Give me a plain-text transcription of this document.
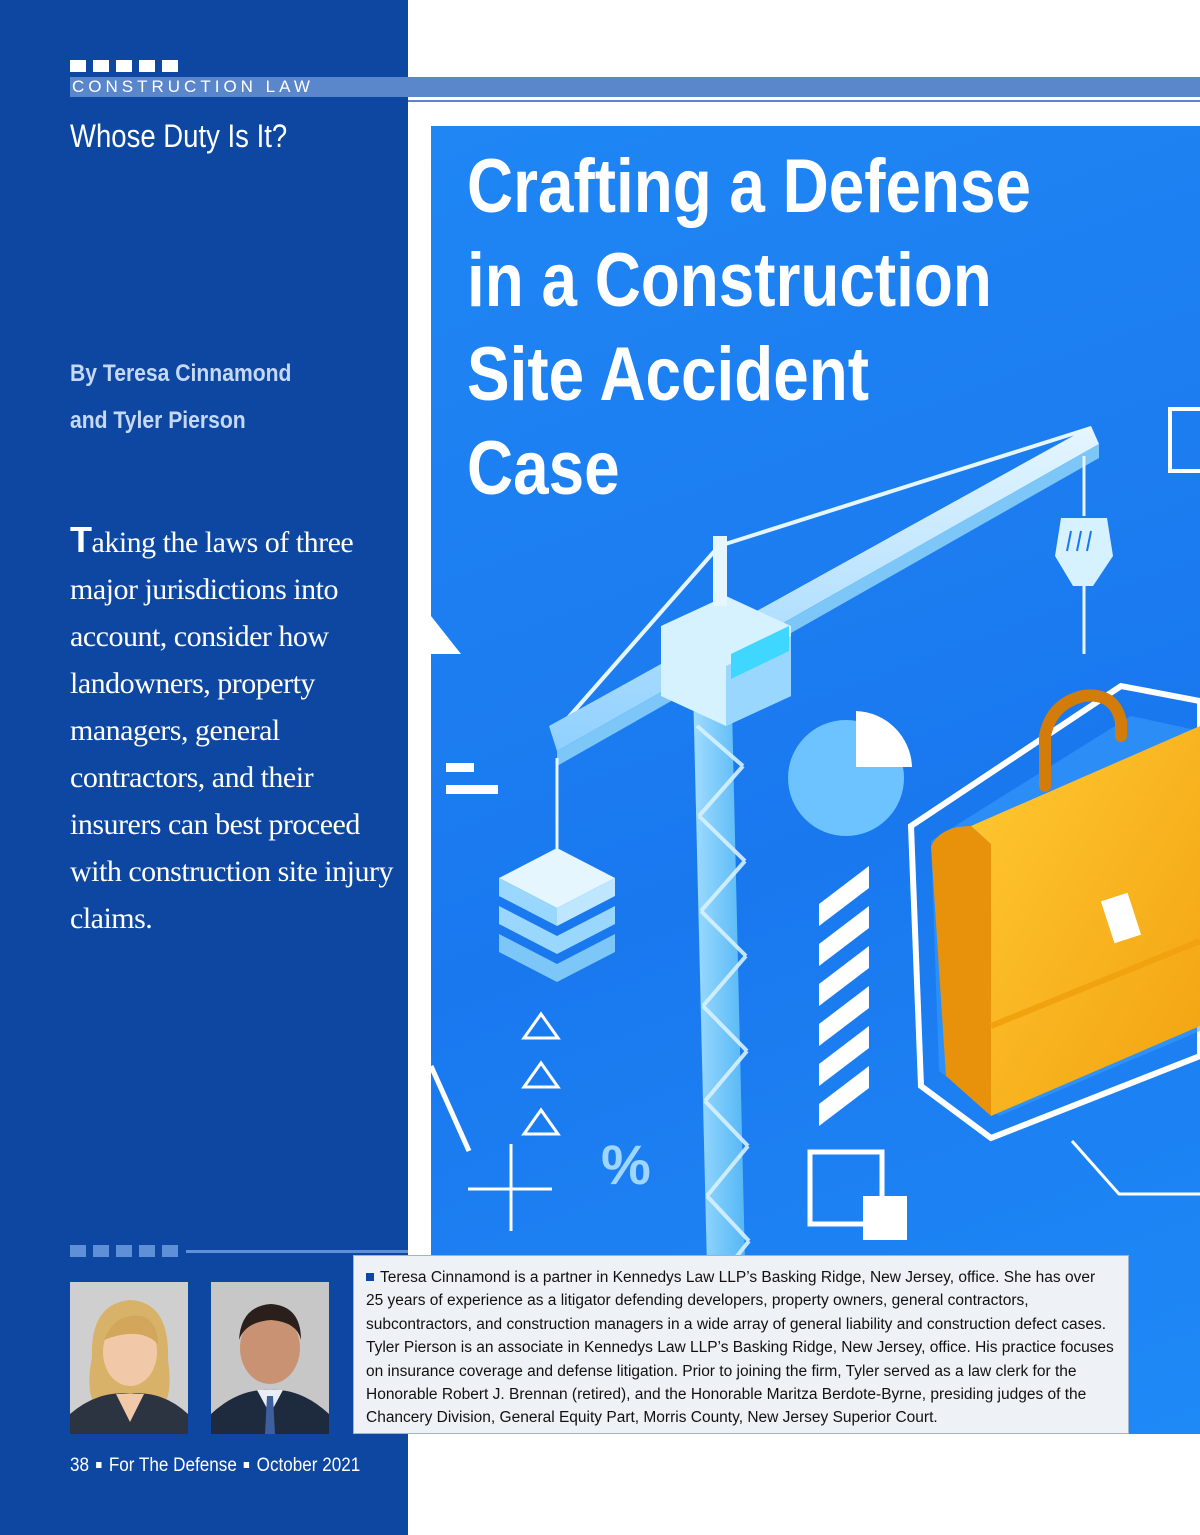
CONSTRUCTION LAW
Whose Duty Is It?
By Teresa Cinnamond
and Tyler Pierson
Taking the laws of three major jurisdictions into account, consider how landowners, property managers, general contractors, and their insurers can best proceed with construction site injury claims.
%
Crafting a Defense
in a Construction
Site Accident
Case
Teresa Cinnamond is a partner in Kennedys Law LLP’s Basking Ridge, New Jersey, office. She has over 25 years of experience as a litigator defending developers, property owners, general contractors, subcontractors, and construction managers in a wide array of general liability and construction defect cases. Tyler Pierson is an associate in Kennedys Law LLP’s Basking Ridge, New Jersey, office. His practice focuses on insurance coverage and defense litigation. Prior to joining the firm, Tyler served as a law clerk for the Honorable Robert J. Brennan (retired), and the Honorable Maritza Berdote-Byrne, presiding judges of the Chancery Division, General Equity Part, Morris County, New Jersey Superior Court.
38 For The Defense October 2021
